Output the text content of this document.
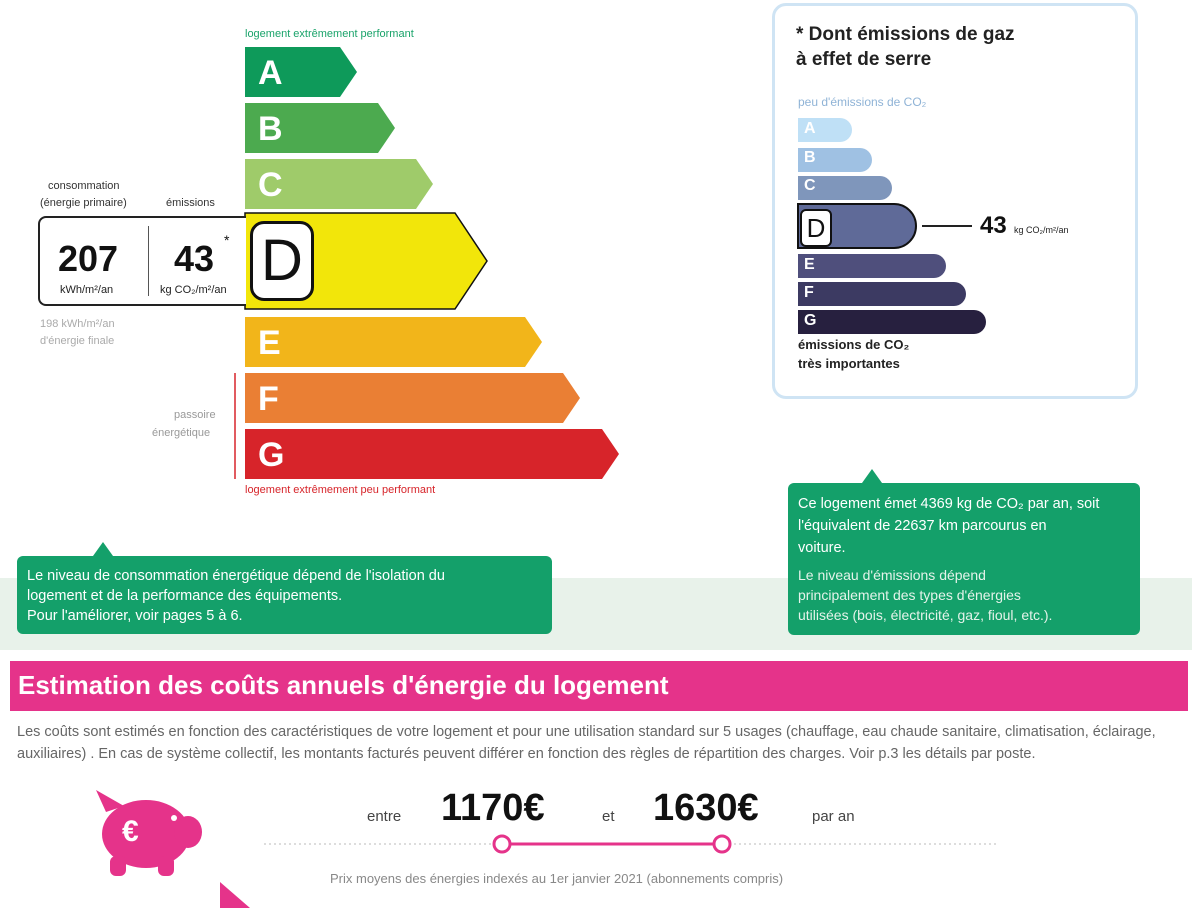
logement extrêmement performant
A
B
C
D
E
F
G
logement extrêmement peu performant
consommation
(énergie primaire)	émissions
207
kWh/m²/an
43 *
kg CO₂/m²/an
198 kWh/m²/an
d'énergie finale
passoire
énergétique
* Dont émissions de gaz
à effet de serre
peu d'émissions de CO₂
A
B
C
D
E
F
G
43 kg CO₂/m²/an
émissions de CO₂
très importantes
Le niveau de consommation énergétique dépend de l'isolation du
logement et de la performance des équipements.
Pour l'améliorer, voir pages 5 à 6.
Ce logement émet 4369 kg de CO₂ par an, soit
l'équivalent de 22637 km parcourus en
voiture.
Le niveau d'émissions dépend
principalement des types d'énergies
utilisées (bois, électricité, gaz, fioul, etc.).
Estimation des coûts annuels d'énergie du logement
Les coûts sont estimés en fonction des caractéristiques de votre logement et pour une utilisation standard sur 5 usages (chauffage, eau chaude sanitaire, climatisation, éclairage, auxiliaires) . En cas de système collectif, les montants facturés peuvent différer en fonction des règles de répartition des charges. Voir p.3 les détails par poste.
€	entre 1170€	et 1630€	par an
Prix moyens des énergies indexés au 1er janvier 2021 (abonnements compris)
